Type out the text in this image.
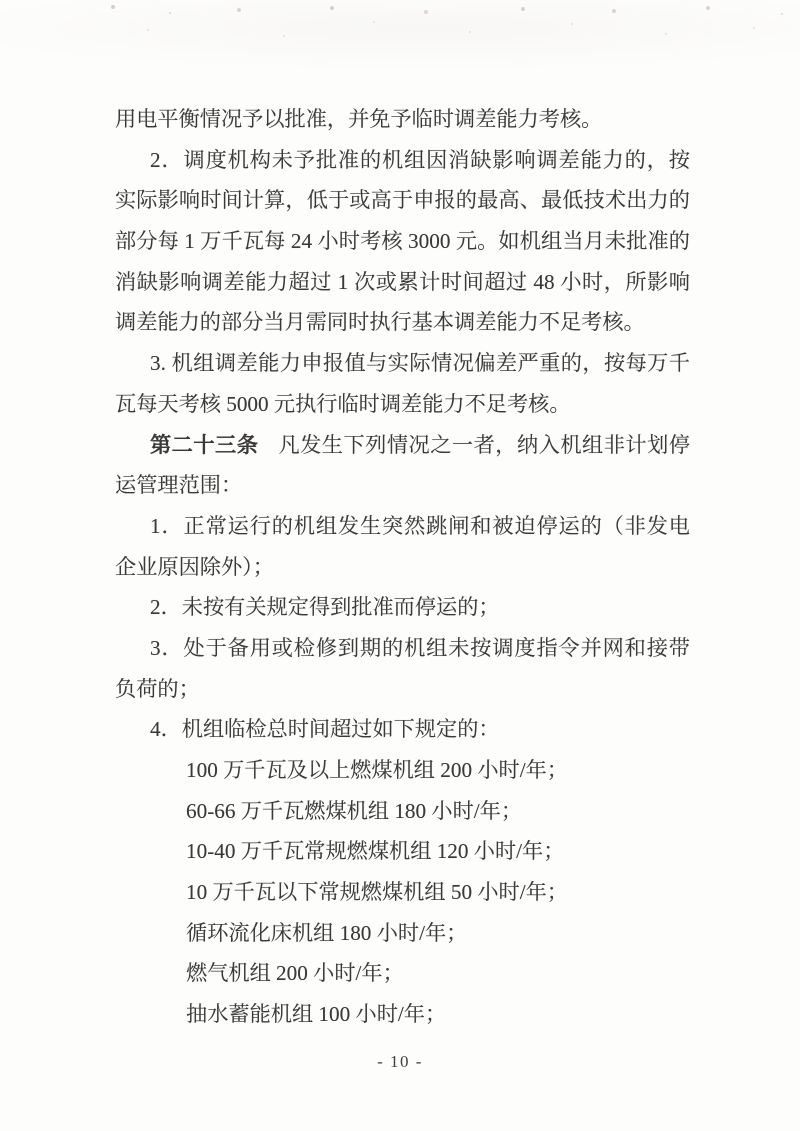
用电平衡情况予以批准，并免予临时调差能力考核。
2．调度机构未予批准的机组因消缺影响调差能力的，按
实际影响时间计算，低于或高于申报的最高、最低技术出力的
部分每 1 万千瓦每 24 小时考核 3000 元。如机组当月未批准的
消缺影响调差能力超过 1 次或累计时间超过 48 小时，所影响
调差能力的部分当月需同时执行基本调差能力不足考核。
3. 机组调差能力申报值与实际情况偏差严重的，按每万千
瓦每天考核 5000 元执行临时调差能力不足考核。
第二十三条 凡发生下列情况之一者，纳入机组非计划停
运管理范围：
1．正常运行的机组发生突然跳闸和被迫停运的（非发电
企业原因除外）；
2．未按有关规定得到批准而停运的；
3．处于备用或检修到期的机组未按调度指令并网和接带
负荷的；
4．机组临检总时间超过如下规定的：
100 万千瓦及以上燃煤机组 200 小时/年；
60-66 万千瓦燃煤机组 180 小时/年；
10-40 万千瓦常规燃煤机组 120 小时/年；
10 万千瓦以下常规燃煤机组 50 小时/年；
循环流化床机组 180 小时/年；
燃气机组 200 小时/年；
抽水蓄能机组 100 小时/年；
- 10 -
